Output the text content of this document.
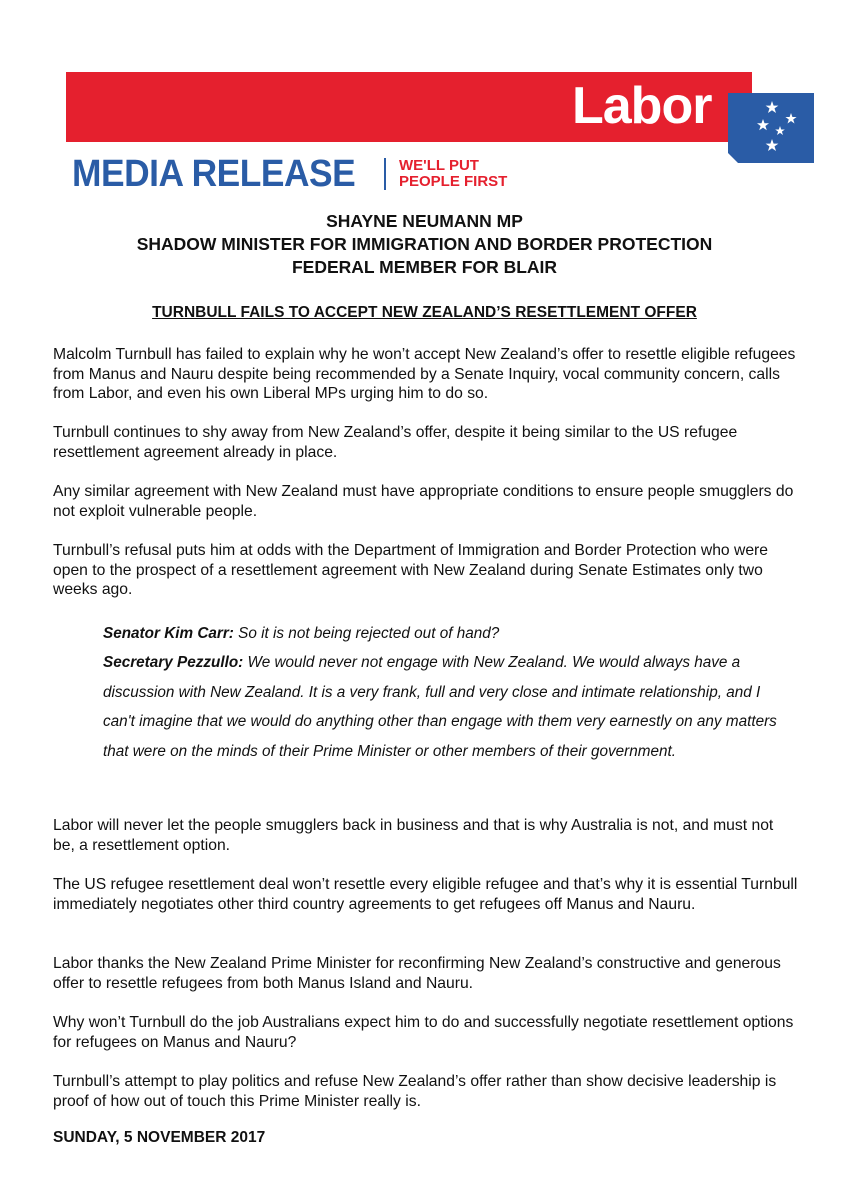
Labor
MEDIA RELEASE	WE'LL PUT
PEOPLE FIRST
SHAYNE NEUMANN MP
SHADOW MINISTER FOR IMMIGRATION AND BORDER PROTECTION
FEDERAL MEMBER FOR BLAIR
TURNBULL FAILS TO ACCEPT NEW ZEALAND’S RESETTLEMENT OFFER

Malcolm Turnbull has failed to explain why he won’t accept New Zealand’s offer to resettle eligible refugees from Manus and Nauru despite being recommended by a Senate Inquiry, vocal community concern, calls from Labor, and even his own Liberal MPs urging him to do so.

Turnbull continues to shy away from New Zealand’s offer, despite it being similar to the US refugee resettlement agreement already in place.

Any similar agreement with New Zealand must have appropriate conditions to ensure people smugglers do not exploit vulnerable people.

Turnbull’s refusal puts him at odds with the Department of Immigration and Border Protection who were open to the prospect of a resettlement agreement with New Zealand during Senate Estimates only two weeks ago.

Senator Kim Carr: So it is not being rejected out of hand?
Secretary Pezzullo: We would never not engage with New Zealand. We would always have a discussion with New Zealand. It is a very frank, full and very close and intimate relationship, and I can't imagine that we would do anything other than engage with them very earnestly on any matters that were on the minds of their Prime Minister or other members of their government.

Labor will never let the people smugglers back in business and that is why Australia is not, and must not be, a resettlement option.

The US refugee resettlement deal won’t resettle every eligible refugee and that’s why it is essential Turnbull immediately negotiates other third country agreements to get refugees off Manus and Nauru.

Labor thanks the New Zealand Prime Minister for reconfirming New Zealand’s constructive and generous offer to resettle refugees from both Manus Island and Nauru.

Why won’t Turnbull do the job Australians expect him to do and successfully negotiate resettlement options for refugees on Manus and Nauru?

Turnbull’s attempt to play politics and refuse New Zealand’s offer rather than show decisive leadership is proof of how out of touch this Prime Minister really is.

SUNDAY, 5 NOVEMBER 2017
